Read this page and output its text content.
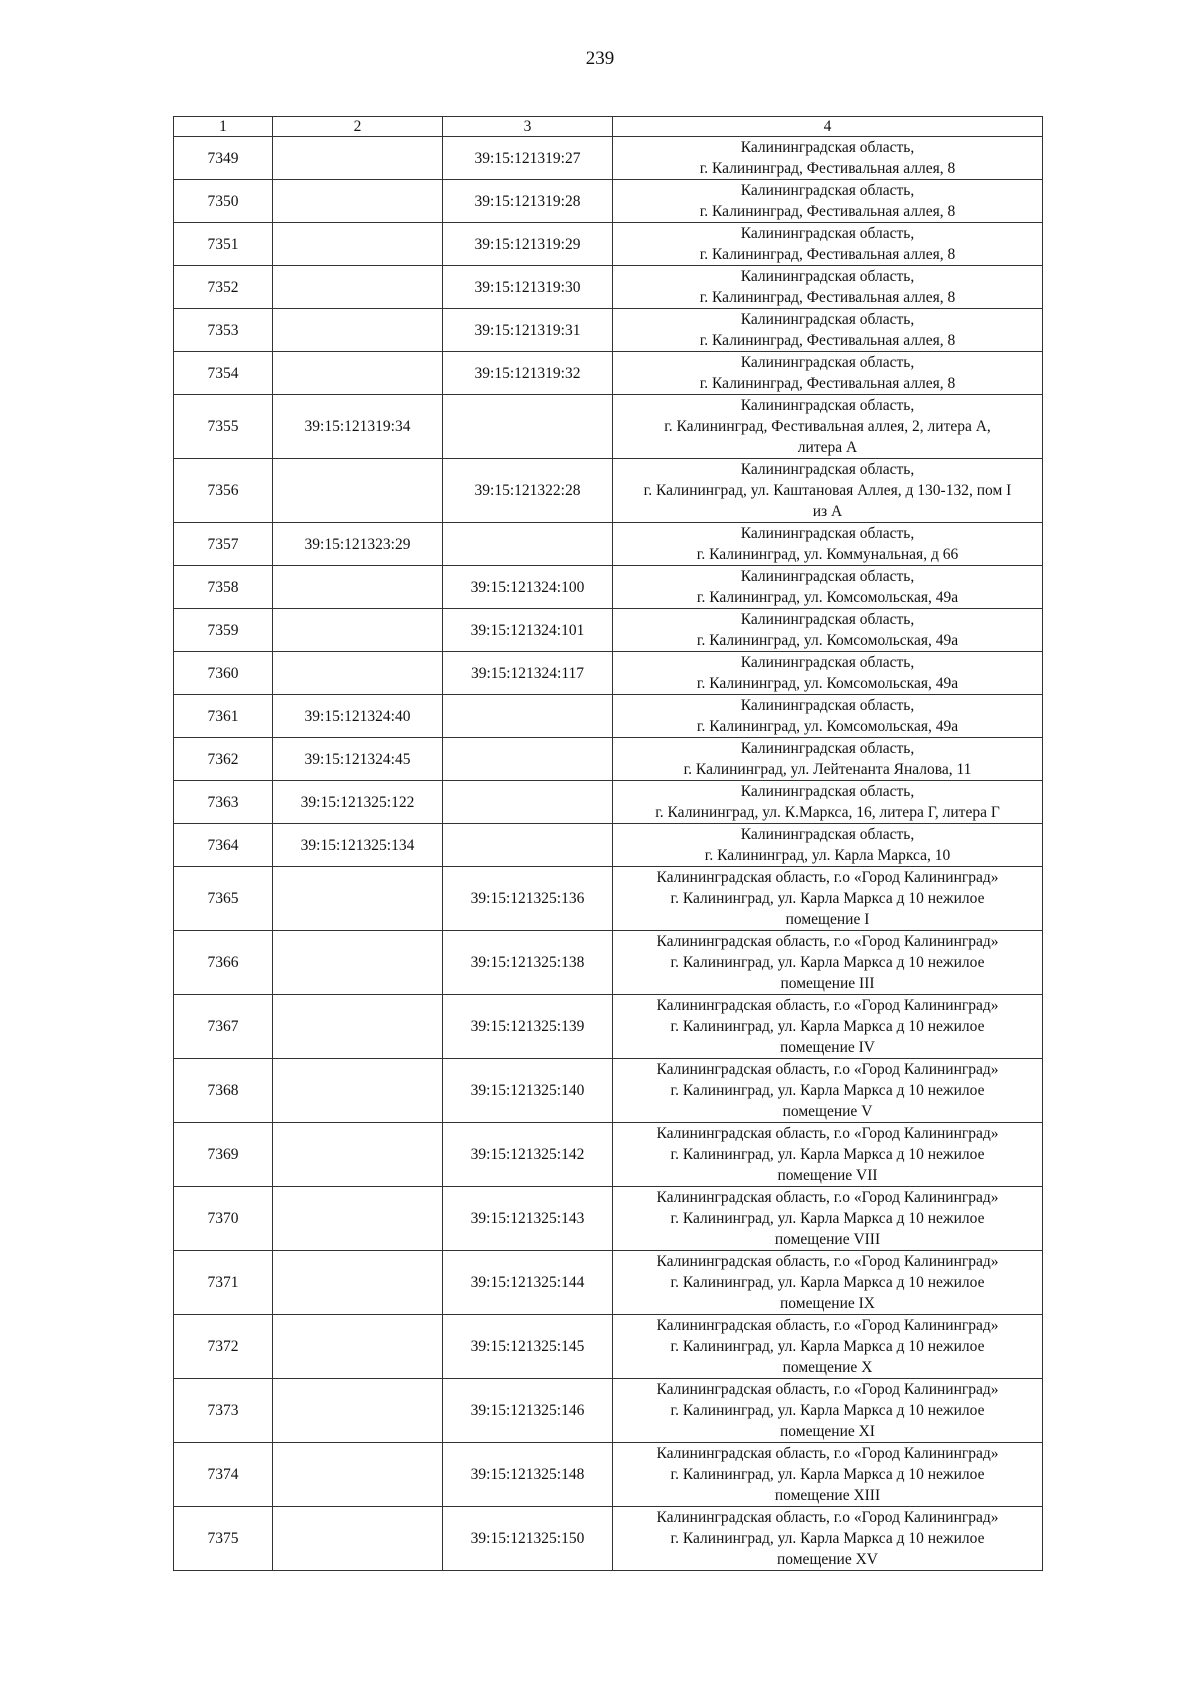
239
1	2	3	4
7349		39:15:121319:27	Калининградская область,
г. Калининград, Фестивальная аллея, 8
7350		39:15:121319:28	Калининградская область,
г. Калининград, Фестивальная аллея, 8
7351		39:15:121319:29	Калининградская область,
г. Калининград, Фестивальная аллея, 8
7352		39:15:121319:30	Калининградская область,
г. Калининград, Фестивальная аллея, 8
7353		39:15:121319:31	Калининградская область,
г. Калининград, Фестивальная аллея, 8
7354		39:15:121319:32	Калининградская область,
г. Калининград, Фестивальная аллея, 8
7355	39:15:121319:34		Калининградская область,
г. Калининград, Фестивальная аллея, 2, литера А,
литера А
7356		39:15:121322:28	Калининградская область,
г. Калининград, ул. Каштановая Аллея, д 130-132, пом I
из А
7357	39:15:121323:29		Калининградская область,
г. Калининград, ул. Коммунальная, д 66
7358		39:15:121324:100	Калининградская область,
г. Калининград, ул. Комсомольская, 49а
7359		39:15:121324:101	Калининградская область,
г. Калининград, ул. Комсомольская, 49а
7360		39:15:121324:117	Калининградская область,
г. Калининград, ул. Комсомольская, 49а
7361	39:15:121324:40		Калининградская область,
г. Калининград, ул. Комсомольская, 49а
7362	39:15:121324:45		Калининградская область,
г. Калининград, ул. Лейтенанта Яналова, 11
7363	39:15:121325:122		Калининградская область,
г. Калининград, ул. К.Маркса, 16, литера Г, литера Г
7364	39:15:121325:134		Калининградская область,
г. Калининград, ул. Карла Маркса, 10
7365		39:15:121325:136	Калининградская область, г.о «Город Калининград»
г. Калининград, ул. Карла Маркса д 10 нежилое
помещение I
7366		39:15:121325:138	Калининградская область, г.о «Город Калининград»
г. Калининград, ул. Карла Маркса д 10 нежилое
помещение III
7367		39:15:121325:139	Калининградская область, г.о «Город Калининград»
г. Калининград, ул. Карла Маркса д 10 нежилое
помещение IV
7368		39:15:121325:140	Калининградская область, г.о «Город Калининград»
г. Калининград, ул. Карла Маркса д 10 нежилое
помещение V
7369		39:15:121325:142	Калининградская область, г.о «Город Калининград»
г. Калининград, ул. Карла Маркса д 10 нежилое
помещение VII
7370		39:15:121325:143	Калининградская область, г.о «Город Калининград»
г. Калининград, ул. Карла Маркса д 10 нежилое
помещение VIII
7371		39:15:121325:144	Калининградская область, г.о «Город Калининград»
г. Калининград, ул. Карла Маркса д 10 нежилое
помещение IX
7372		39:15:121325:145	Калининградская область, г.о «Город Калининград»
г. Калининград, ул. Карла Маркса д 10 нежилое
помещение X
7373		39:15:121325:146	Калининградская область, г.о «Город Калининград»
г. Калининград, ул. Карла Маркса д 10 нежилое
помещение XI
7374		39:15:121325:148	Калининградская область, г.о «Город Калининград»
г. Калининград, ул. Карла Маркса д 10 нежилое
помещение XIII
7375		39:15:121325:150	Калининградская область, г.о «Город Калининград»
г. Калининград, ул. Карла Маркса д 10 нежилое
помещение XV
